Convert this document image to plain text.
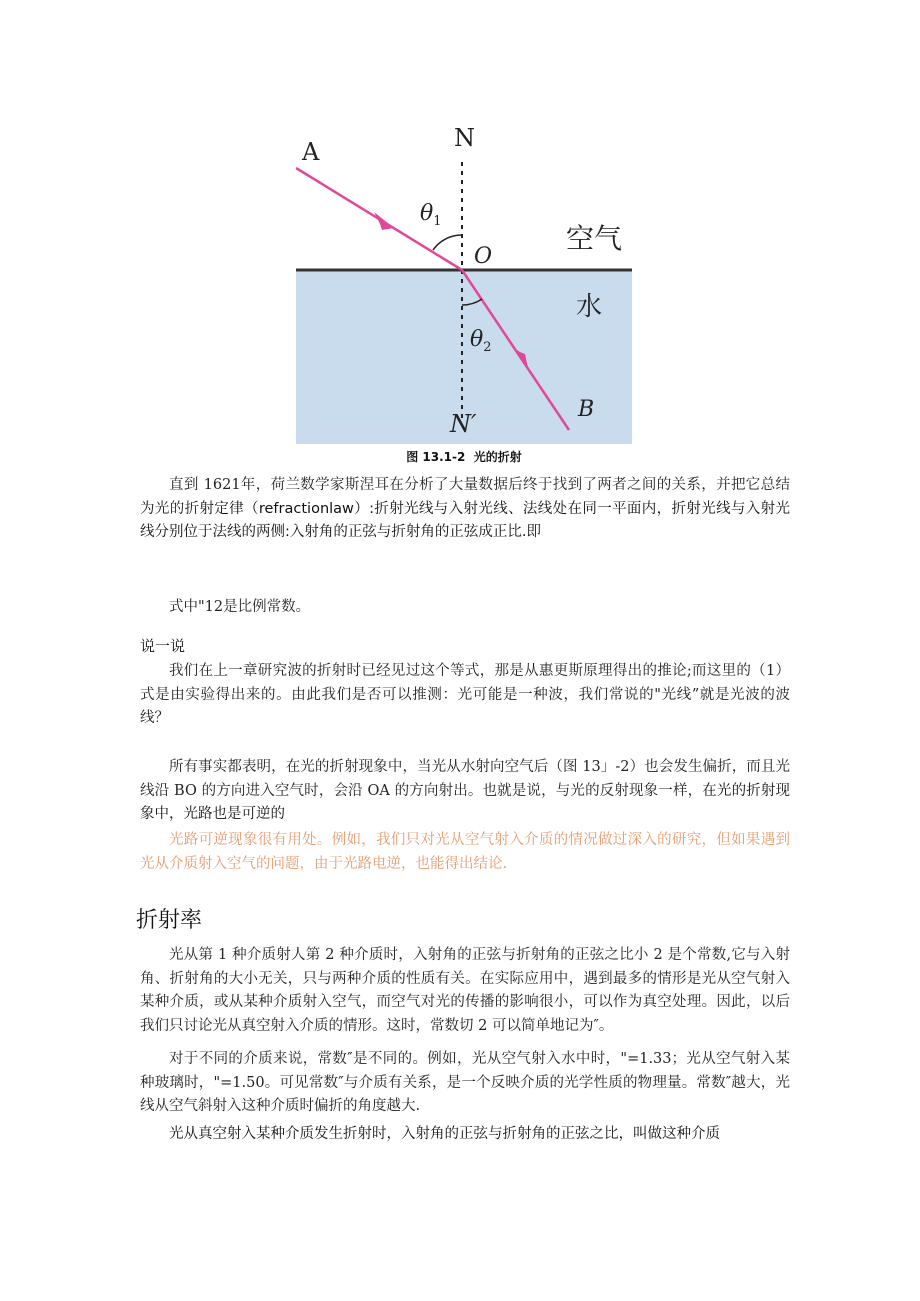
A	N
N′
O
B
$\theta_1$
$\theta_2$
空气
水
图 13.1-2 光的折射
直到 1621年，荷兰数学家斯涅耳在分析了大量数据后终于找到了两者之间的关系，并把它总结为光的折射定律（refractionlaw）:折射光线与入射光线、法线处在同一平面内，折射光线与入射光线分别位于法线的两侧:入射角的正弦与折射角的正弦成正比.即
式中"12是比例常数。
说一说
我们在上一章研究波的折射时已经见过这个等式，那是从惠更斯原理得出的推论;而这里的（1）式是由实验得出来的。由此我们是否可以推测：光可能是一种波，我们常说的"光线”就是光波的波线？
所有事实都表明，在光的折射现象中，当光从水射向空气后（图 13」-2）也会发生偏折，而且光线沿 BO 的方向进入空气时，会沿 OA 的方向射出。也就是说，与光的反射现象一样，在光的折射现象中，光路也是可逆的
光路可逆现象很有用处。例如，我们只对光从空气射入介质的情况做过深入的研究，但如果遇到光从介质射入空气的问题，由于光路电逆，也能得出结论.
折射率
光从第 1 种介质射人第 2 种介质时，入射角的正弦与折射角的正弦之比小 2 是个常数,它与入射角、折射角的大小无关，只与两种介质的性质有关。在实际应用中，遇到最多的情形是光从空气射入某种介质，或从某种介质射入空气，而空气对光的传播的影响很小，可以作为真空处理。因此，以后我们只讨论光从真空射入介质的情形。这时，常数切 2 可以简单地记为″。
对于不同的介质来说，常数″是不同的。例如，光从空气射入水中时，"=1.33；光从空气射入某种玻璃时，"=1.50。可见常数″与介质有关系，是一个反映介质的光学性质的物理量。常数″越大，光线从空气斜射入这种介质时偏折的角度越大.
光从真空射入某种介质发生折射时，入射角的正弦与折射角的正弦之比，叫做这种介质
